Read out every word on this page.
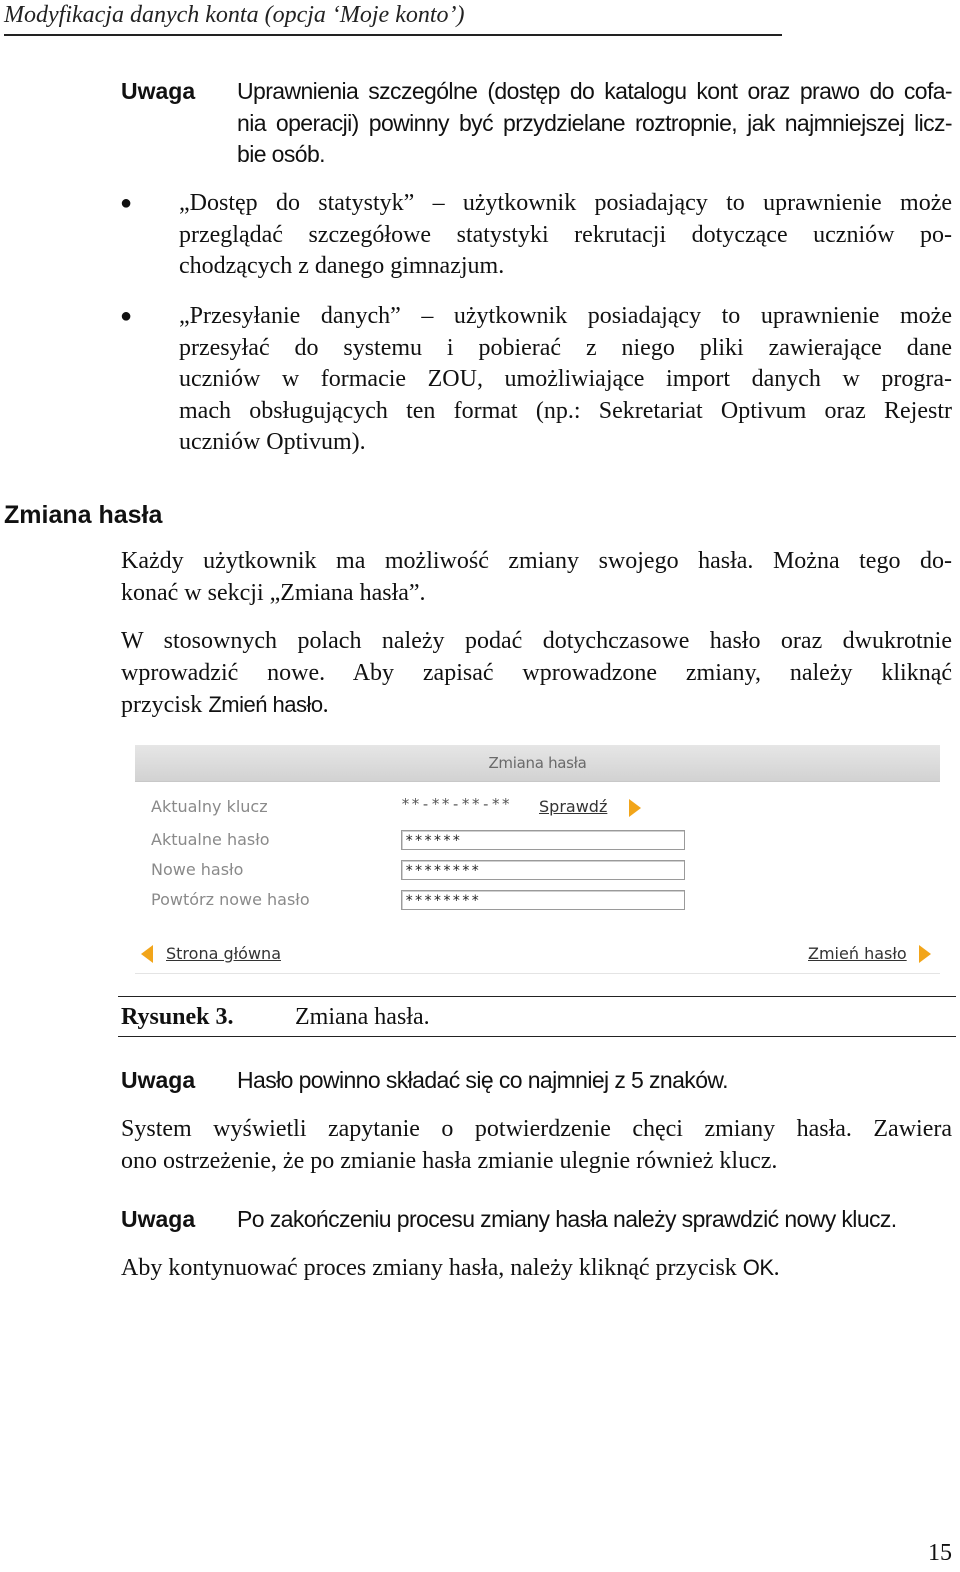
Modyfikacja danych konta (opcja ‘Moje konto’)
Uwaga Uprawnienia szczególne (dostęp do katalogu kont oraz prawo do cofa-
nia operacji) powinny być przydzielane roztropnie, jak najmniejszej licz-
bie osób.
● „Dostęp do statystyk” – użytkownik posiadający to uprawnienie może
przeglądać szczegółowe statystyki rekrutacji dotyczące uczniów po-
chodzących z danego gimnazjum.
● „Przesyłanie danych” – użytkownik posiadający to uprawnienie może
przesyłać do systemu i pobierać z niego pliki zawierające dane
uczniów w formacie ZOU, umożliwiające import danych w progra-
mach obsługujących ten format (np.: Sekretariat Optivum oraz Rejestr
uczniów Optivum).
Zmiana hasła
Każdy użytkownik ma możliwość zmiany swojego hasła. Można tego do-
konać w sekcji „Zmiana hasła”.
W stosownych polach należy podać dotychczasowe hasło oraz dwukrotnie
wprowadzić nowe. Aby zapisać wprowadzone zmiany, należy kliknąć
przycisk Zmień hasło.
Zmiana hasła
Aktualny klucz	**-**-**-** Sprawdź
Aktualne hasło	******
Nowe hasło	********
Powtórz nowe hasło	********
Strona główna	Zmień hasło
Rysunek 3.	Zmiana hasła.
Uwaga Hasło powinno składać się co najmniej z 5 znaków.
System wyświetli zapytanie o potwierdzenie chęci zmiany hasła. Zawiera
ono ostrzeżenie, że po zmianie hasła zmianie ulegnie również klucz.
Uwaga Po zakończeniu procesu zmiany hasła należy sprawdzić nowy klucz.
Aby kontynuować proces zmiany hasła, należy kliknąć przycisk OK.
15
